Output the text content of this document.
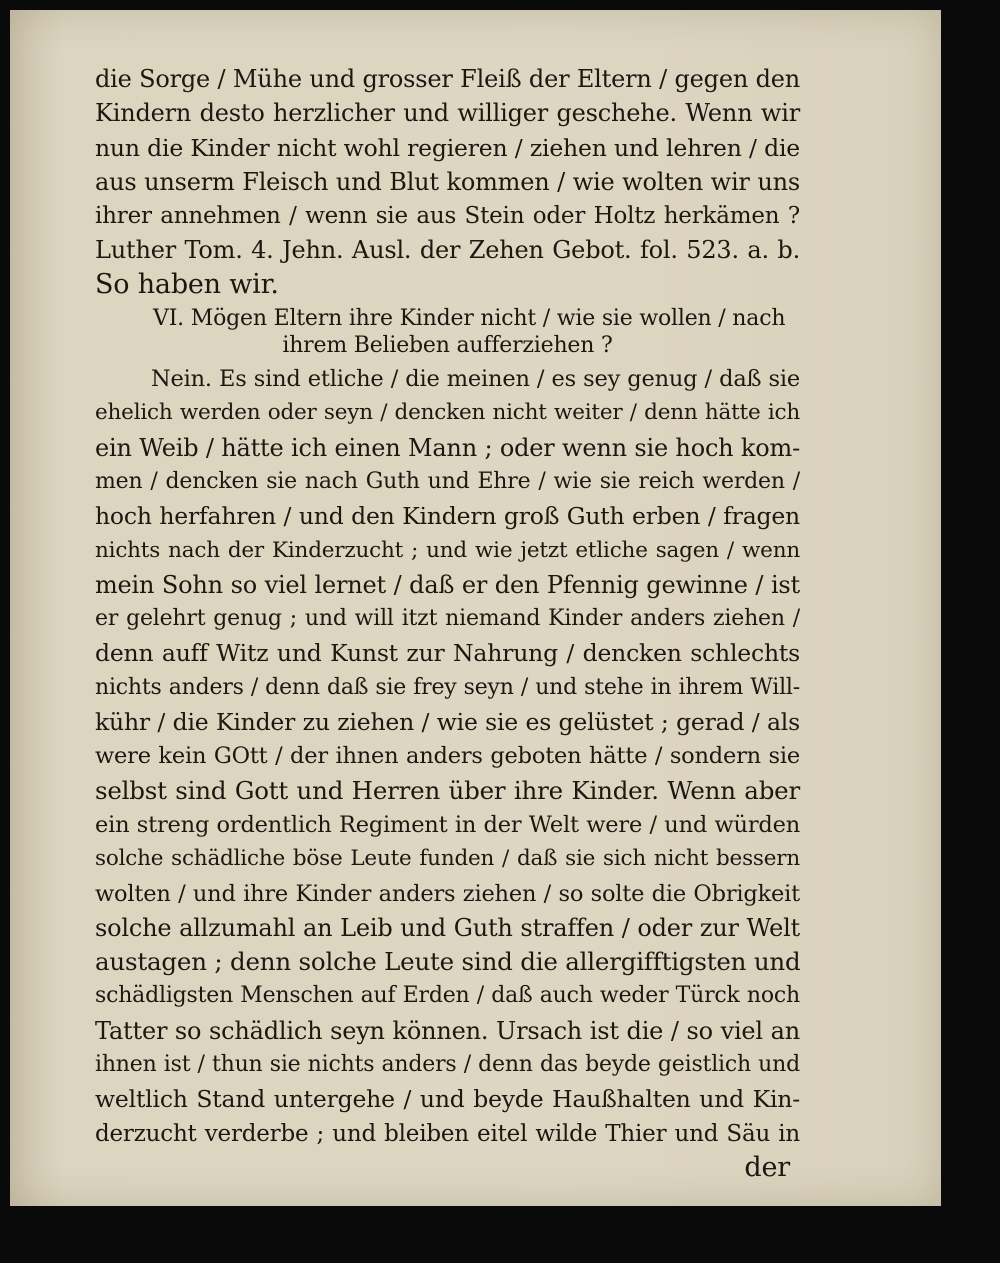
die Sorge / Mühe und grosser Fleiß der Eltern / gegen den
Kindern desto herzlicher und williger geschehe. Wenn wir
nun die Kinder nicht wohl regieren / ziehen und lehren / die
aus unserm Fleisch und Blut kommen / wie wolten wir uns
ihrer annehmen / wenn sie aus Stein oder Holtz herkämen ?
Luther Tom. 4. Jehn. Ausl. der Zehen Gebot. fol. 523. a. b.
So haben wir.
VI. Mögen Eltern ihre Kinder nicht / wie sie wollen / nach
ihrem Belieben aufferziehen ?
Nein. Es sind etliche / die meinen / es sey genug / daß sie
ehelich werden oder seyn / dencken nicht weiter / denn hätte ich
ein Weib / hätte ich einen Mann ; oder wenn sie hoch kom-
men / dencken sie nach Guth und Ehre / wie sie reich werden /
hoch herfahren / und den Kindern groß Guth erben / fragen
nichts nach der Kinderzucht ; und wie jetzt etliche sagen / wenn
mein Sohn so viel lernet / daß er den Pfennig gewinne / ist
er gelehrt genug ; und will itzt niemand Kinder anders ziehen /
denn auff Witz und Kunst zur Nahrung / dencken schlechts
nichts anders / denn daß sie frey seyn / und stehe in ihrem Will-
kühr / die Kinder zu ziehen / wie sie es gelüstet ; gerad / als
were kein GOtt / der ihnen anders geboten hätte / sondern sie
selbst sind Gott und Herren über ihre Kinder. Wenn aber
ein streng ordentlich Regiment in der Welt were / und würden
solche schädliche böse Leute funden / daß sie sich nicht bessern
wolten / und ihre Kinder anders ziehen / so solte die Obrigkeit
solche allzumahl an Leib und Guth straffen / oder zur Welt
austagen ; denn solche Leute sind die allergifftigsten und
schädligsten Menschen auf Erden / daß auch weder Türck noch
Tatter so schädlich seyn können. Ursach ist die / so viel an
ihnen ist / thun sie nichts anders / denn das beyde geistlich und
weltlich Stand untergehe / und beyde Haußhalten und Kin-
derzucht verderbe ; und bleiben eitel wilde Thier und Säu in
der
